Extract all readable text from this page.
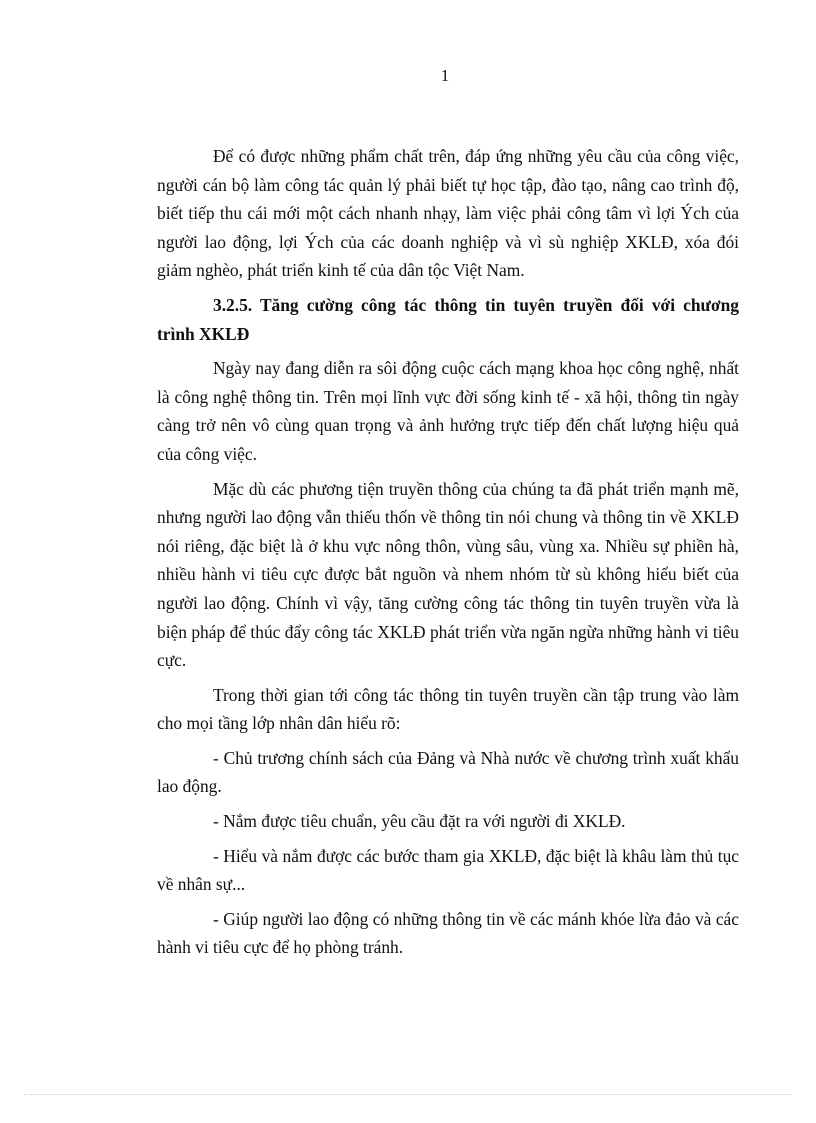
1

Để có được những phẩm chất trên, đáp ứng những yêu cầu của công việc, người cán bộ làm công tác quản lý phải biết tự học tập, đào tạo, nâng cao trình độ, biết tiếp thu cái mới một cách nhanh nhạy, làm việc phải công tâm vì lợi Ých của người lao động, lợi Ých của các doanh nghiệp và vì sù nghiệp XKLĐ, xóa đói giảm nghèo, phát triển kinh tế của dân tộc Việt Nam.

3.2.5. Tăng cường công tác thông tin tuyên truyền đối với chương trình XKLĐ

Ngày nay đang diễn ra sôi động cuộc cách mạng khoa học công nghệ, nhất là công nghệ thông tin. Trên mọi lĩnh vực đời sống kinh tế - xã hội, thông tin ngày càng trở nên vô cùng quan trọng và ảnh hưởng trực tiếp đến chất lượng hiệu quả của công việc.

Mặc dù các phương tiện truyền thông của chúng ta đã phát triển mạnh mẽ, nhưng người lao động vẫn thiếu thốn về thông tin nói chung và thông tin về XKLĐ nói riêng, đặc biệt là ở khu vực nông thôn, vùng sâu, vùng xa. Nhiều sự phiền hà, nhiều hành vi tiêu cực được bắt nguồn và nhem nhóm từ sù không hiểu biết của người lao động. Chính vì vậy, tăng cường công tác thông tin tuyên truyền vừa là biện pháp để thúc đẩy công tác XKLĐ phát triển vừa ngăn ngừa những hành vi tiêu cực.

Trong thời gian tới công tác thông tin tuyên truyền cần tập trung vào làm cho mọi tầng lớp nhân dân hiểu rõ:

- Chủ trương chính sách của Đảng và Nhà nước về chương trình xuất khẩu lao động.

- Nắm được tiêu chuẩn, yêu cầu đặt ra với người đi XKLĐ.

- Hiểu và nắm được các bước tham gia XKLĐ, đặc biệt là khâu làm thủ tục về nhân sự...

- Giúp người lao động có những thông tin về các mánh khóe lừa đảo và các hành vi tiêu cực để họ phòng tránh.
